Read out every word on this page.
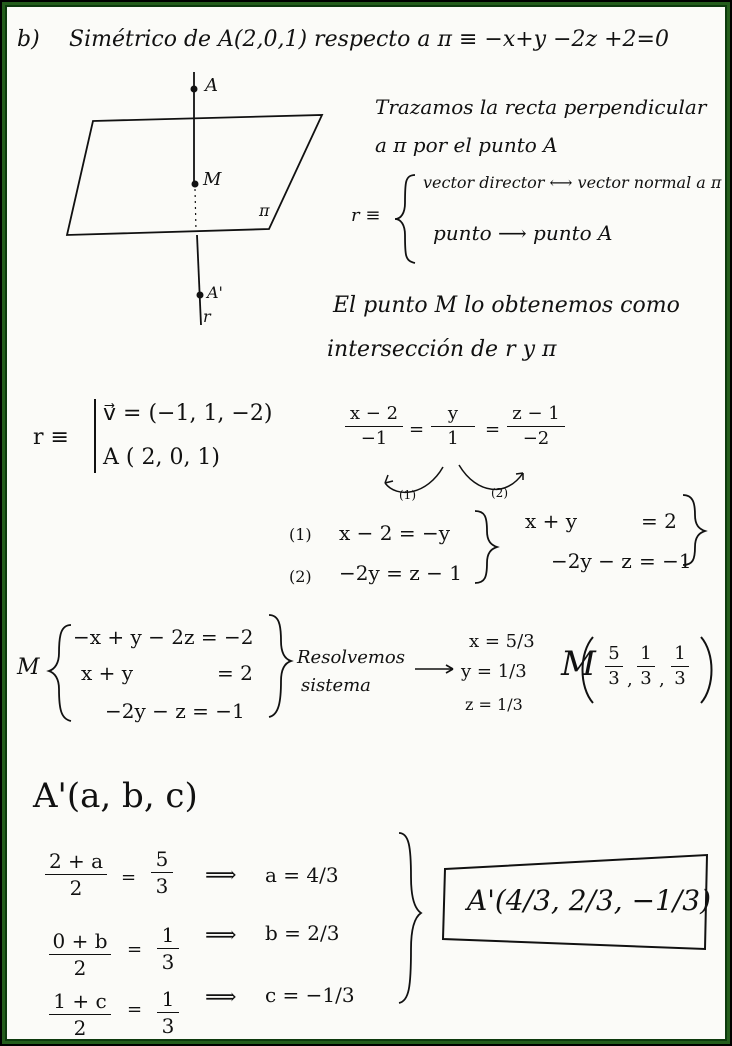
b) Simétrico de A(2,0,1) respecto a π ≡ −x+y −2z +2=0
A
M
π
A'
r
Trazamos la recta perpendicular
a π por el punto A
r ≡
vector director ⟷ vector normal a π
punto ⟶ punto A
El punto M lo obtenemos como
intersección de r y π
r ≡
v⃗ = (−1, 1, −2)
A ( 2, 0, 1)
x − 2
−1	=
y
1	=
z − 1
−2
(1)	(2)
(1) x − 2 = −y
(2) −2y = z − 1
x + y	= 2
−2y − z = −1
M
−x + y − 2z = −2
x + y	= 2
−2y − z = −1
Resolvemos
sistema
x = 5/3
y = 1/3
z = 1/3
M 5
3 ,
1
3 ,
1
3
A'(a, b, c)
2 + a
2	=
5
3 ⟹ a = 4/3
0 + b
2
=
1
3
⟹ b = 2/3
1 + c
2
= 1
3
⟹ c = −1/3
A'(4/3, 2/3, −1/3)
